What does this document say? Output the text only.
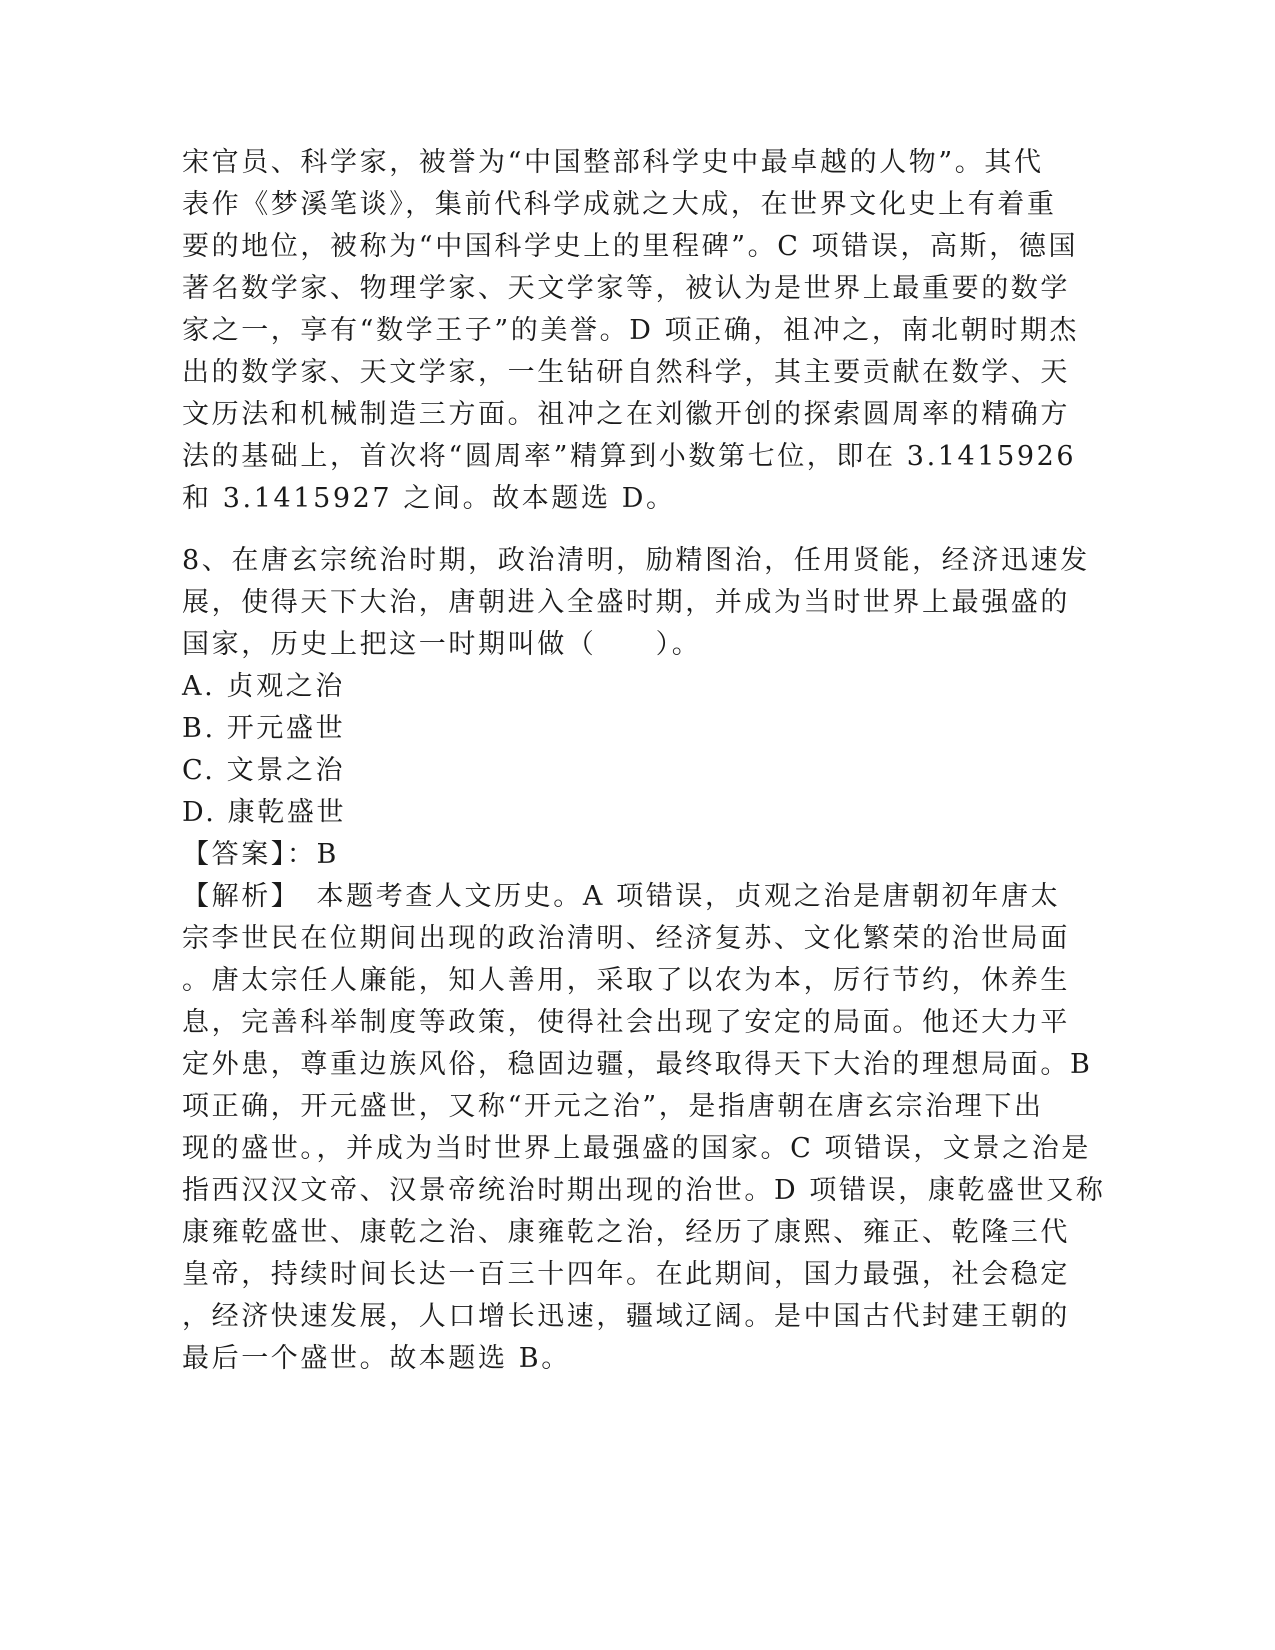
宋官员、科学家，被誉为“中国整部科学史中最卓越的人物”。其代
表作《梦溪笔谈》，集前代科学成就之大成，在世界文化史上有着重
要的地位，被称为“中国科学史上的里程碑”。C 项错误，高斯，德国
著名数学家、物理学家、天文学家等，被认为是世界上最重要的数学
家之一，享有“数学王子”的美誉。D 项正确，祖冲之，南北朝时期杰
出的数学家、天文学家，一生钻研自然科学，其主要贡献在数学、天
文历法和机械制造三方面。祖冲之在刘徽开创的探索圆周率的精确方
法的基础上，首次将“圆周率”精算到小数第七位，即在 3.1415926
和 3.1415927 之间。故本题选 D。
8、在唐玄宗统治时期，政治清明，励精图治，任用贤能，经济迅速发
展，使得天下大治，唐朝进入全盛时期，并成为当时世界上最强盛的
国家，历史上把这一时期叫做（　　）。
A. 贞观之治
B. 开元盛世
C. 文景之治
D. 康乾盛世
【答案】：B
【解析】　本题考查人文历史。A 项错误，贞观之治是唐朝初年唐太
宗李世民在位期间出现的政治清明、经济复苏、文化繁荣的治世局面
。唐太宗任人廉能，知人善用，采取了以农为本，厉行节约，休养生
息，完善科举制度等政策，使得社会出现了安定的局面。他还大力平
定外患，尊重边族风俗，稳固边疆，最终取得天下大治的理想局面。B
项正确，开元盛世，又称“开元之治”，是指唐朝在唐玄宗治理下出
现的盛世。，并成为当时世界上最强盛的国家。C 项错误，文景之治是
指西汉汉文帝、汉景帝统治时期出现的治世。D 项错误，康乾盛世又称
康雍乾盛世、康乾之治、康雍乾之治，经历了康熙、雍正、乾隆三代
皇帝，持续时间长达一百三十四年。在此期间，国力最强，社会稳定
，经济快速发展，人口增长迅速，疆域辽阔。是中国古代封建王朝的
最后一个盛世。故本题选 B。
